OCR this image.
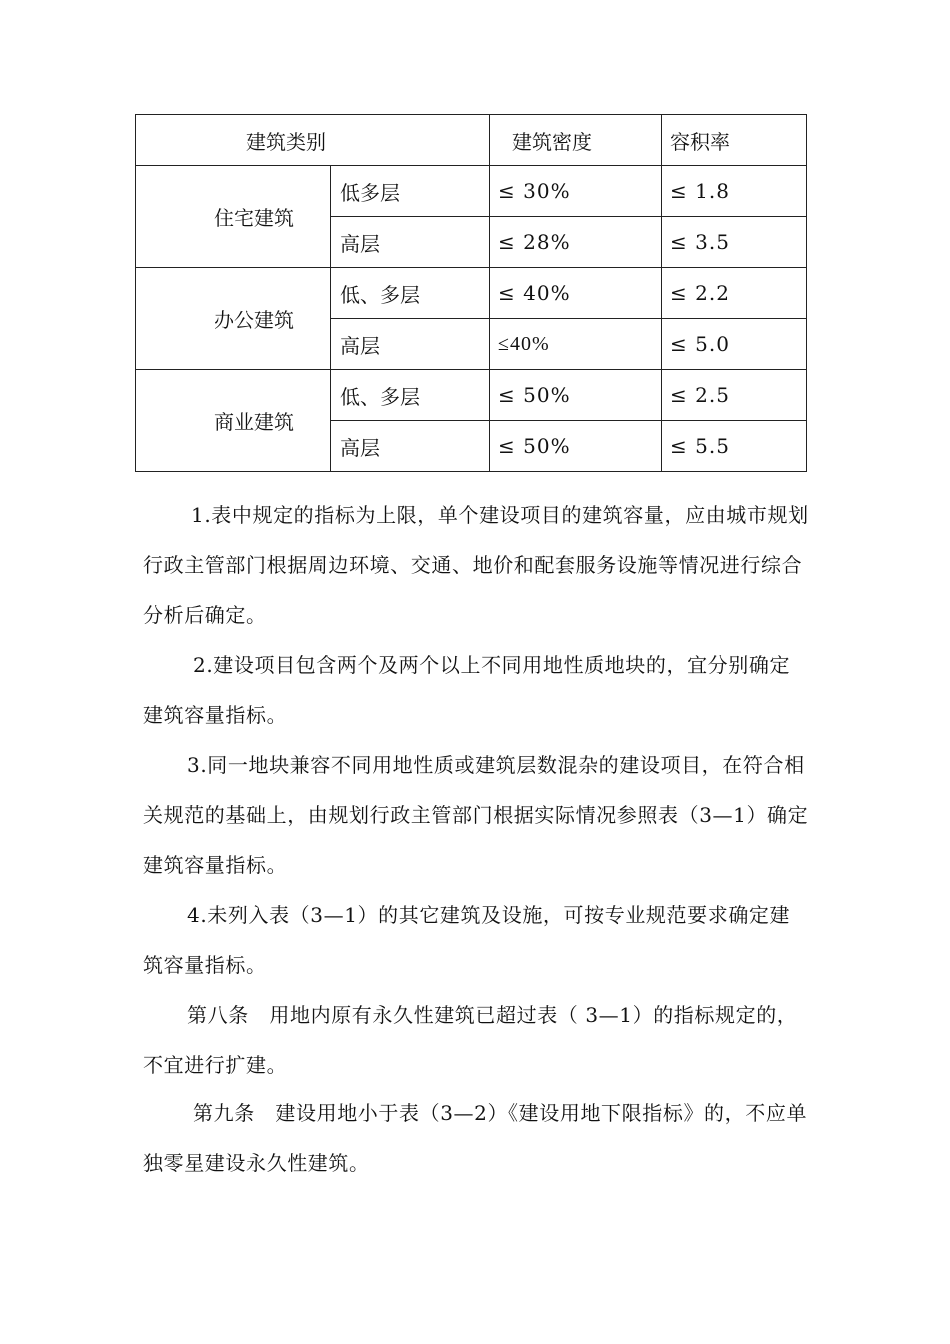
建筑类别		建筑密度	容积率
住宅建筑	低多层	≤ 30%	≤ 1.8
	高层	≤ 28%	≤ 3.5
办公建筑	低、多层	≤ 40%	≤ 2.2
	高层	≤40%	≤ 5.0
商业建筑	低、多层	≤ 50%	≤ 2.5
	高层	≤ 50%	≤ 5.5

1.表中规定的指标为上限，单个建设项目的建筑容量，应由城市规划行政主管部门根据周边环境、交通、地价和配套服务设施等情况进行综合分析后确定。

2.建设项目包含两个及两个以上不同用地性质地块的，宜分别确定建筑容量指标。

3.同一地块兼容不同用地性质或建筑层数混杂的建设项目，在符合相关规范的基础上，由规划行政主管部门根据实际情况参照表（3—1）确定建筑容量指标。

4.未列入表（3—1）的其它建筑及设施，可按专业规范要求确定建筑容量指标。

第八条　用地内原有永久性建筑已超过表（ 3—1）的指标规定的，不宜进行扩建。

第九条　建设用地小于表（3—2）《建设用地下限指标》的，不应单独零星建设永久性建筑。
